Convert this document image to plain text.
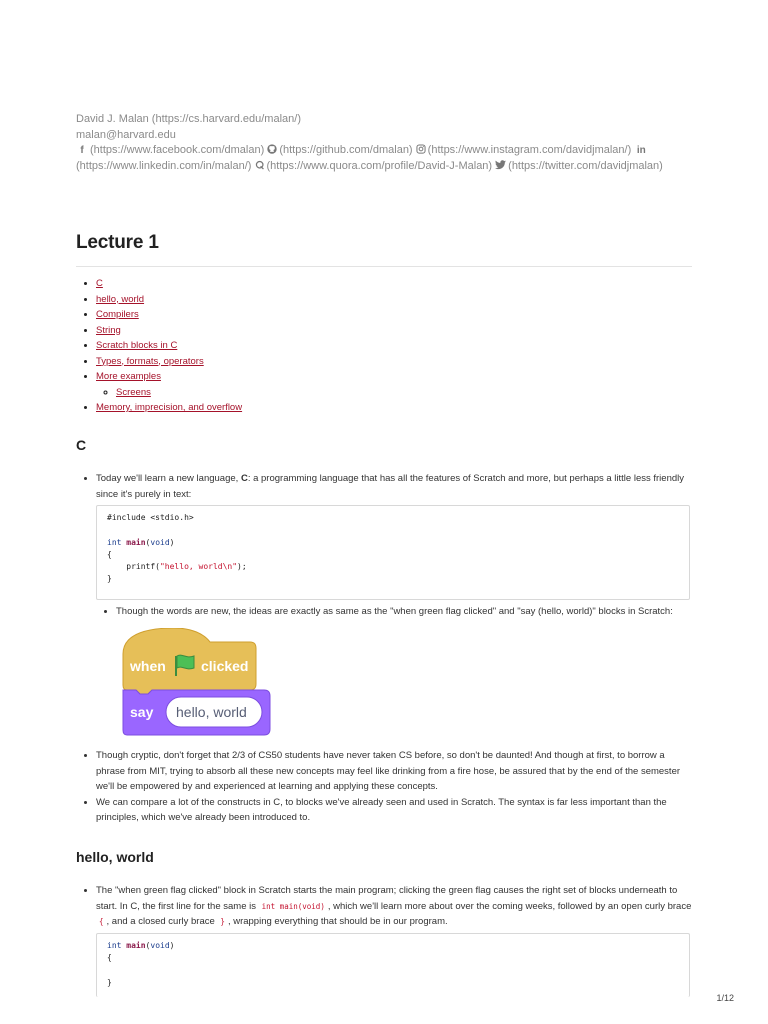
David J. Malan (https://cs.harvard.edu/malan/)
malan@harvard.edu
f (https://www.facebook.com/dmalan) (https://github.com/dmalan) (https://www.instagram.com/davidjmalan/) in
(https://www.linkedin.com/in/malan/) (https://www.quora.com/profile/David-J-Malan) (https://twitter.com/davidjmalan)
Lecture 1
• C
• hello, world
• Compilers
• String
• Scratch blocks in C
• Types, formats, operators
• More examples
◦ Screens
• Memory, imprecision, and overflow
C
• Today we'll learn a new language, C: a programming language that has all the features of Scratch and more, but perhaps a little less friendly since it's purely in text:
#include <stdio.h>

int main(void)
{
printf("hello, world\n");
}
• Though the words are new, the ideas are exactly as same as the "when green flag clicked" and "say (hello, world)" blocks in Scratch:
when	clicked
say hello, world
• Though cryptic, don't forget that 2/3 of CS50 students have never taken CS before, so don't be daunted! And though at first, to borrow a phrase from MIT, trying to absorb all these new concepts may feel like drinking from a fire hose, be assured that by the end of the semester we'll be empowered by and experienced at learning and applying these concepts.
• We can compare a lot of the constructs in C, to blocks we've already seen and used in Scratch. The syntax is far less important than the principles, which we've already been introduced to.
hello, world
• The "when green flag clicked" block in Scratch starts the main program; clicking the green flag causes the right set of blocks underneath to start. In C, the first line for the same is int main(void) , which we'll learn more about over the coming weeks, followed by an open curly brace { , and a closed curly brace } , wrapping everything that should be in our program.
int main(void)
{

}
1/12
